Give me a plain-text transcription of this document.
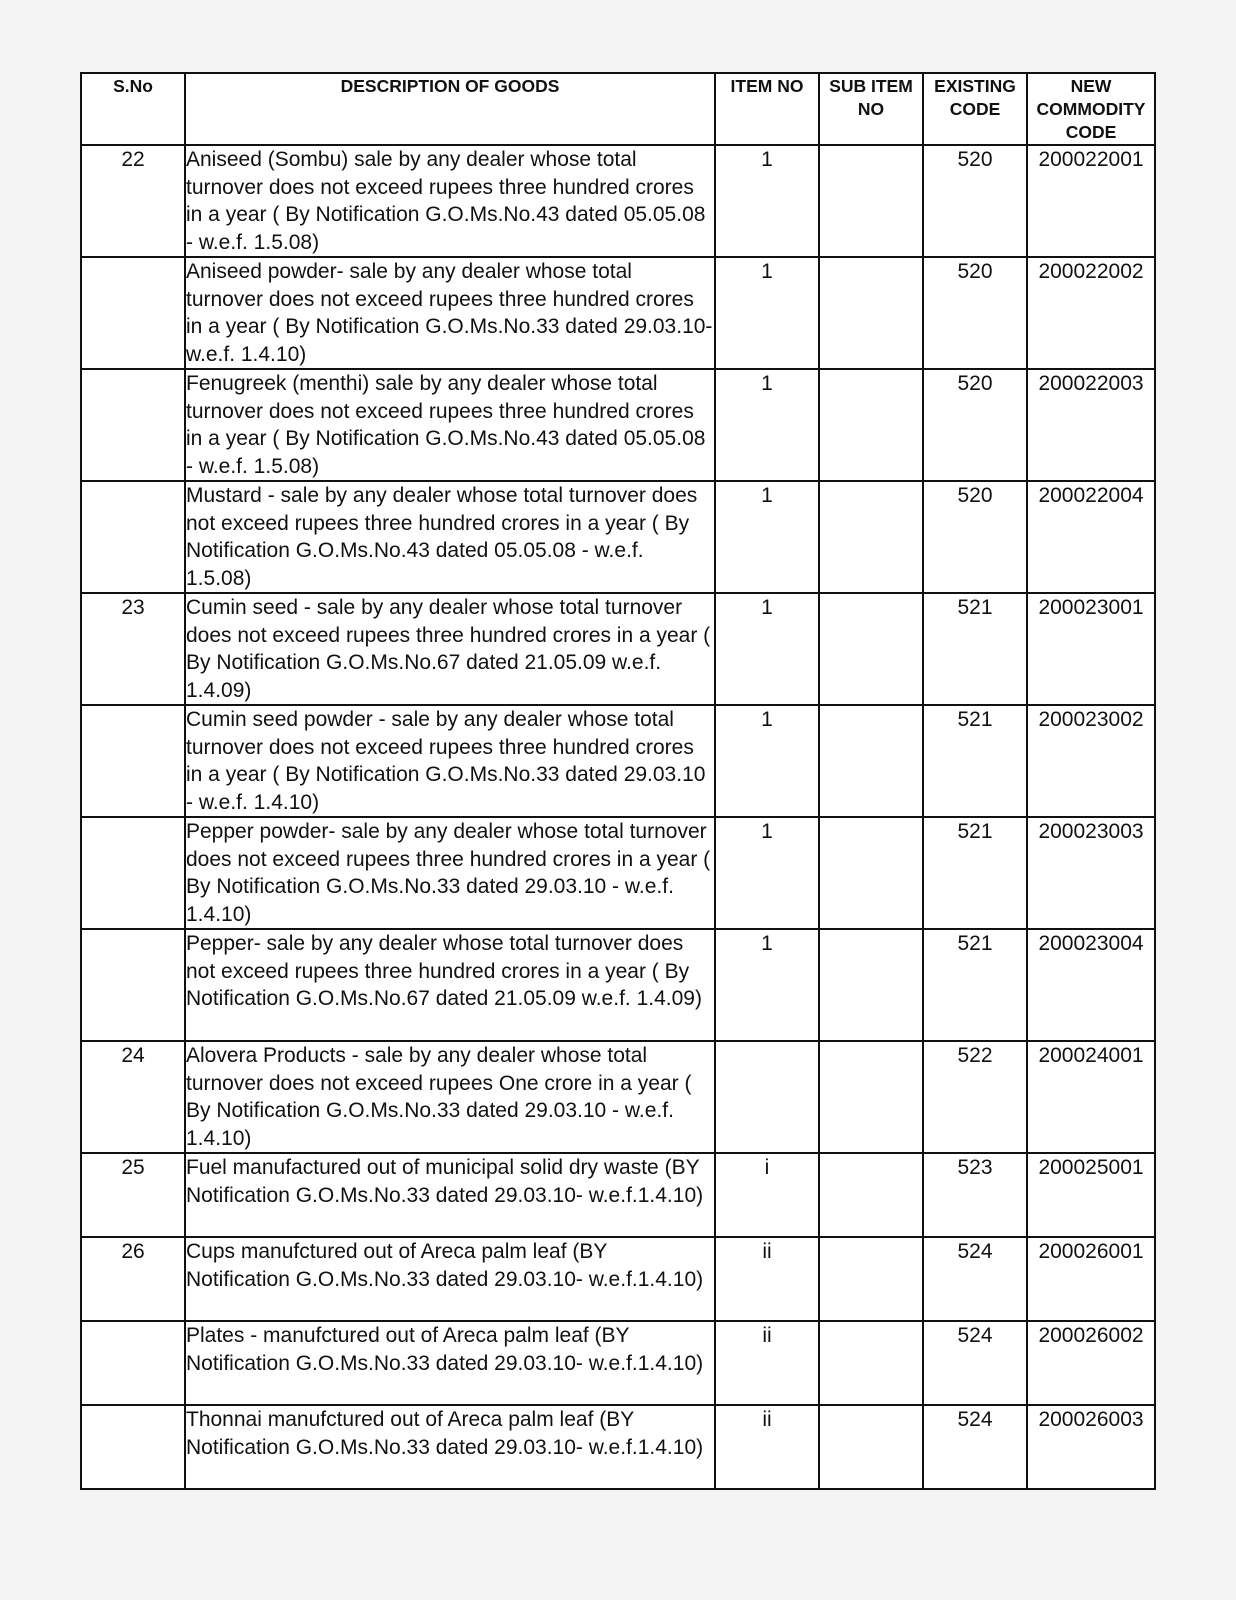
S.No	DESCRIPTION OF GOODS	ITEM NO	SUB ITEM NO	EXISTING CODE	NEW COMMODITY CODE
22	Aniseed (Sombu) sale by any dealer whose total turnover does not exceed rupees three hundred crores in a year ( By Notification G.O.Ms.No.43 dated 05.05.08 - w.e.f. 1.5.08)	1		520	200022001
	Aniseed powder- sale by any dealer whose total turnover does not exceed rupees three hundred crores in a year ( By Notification G.O.Ms.No.33 dated 29.03.10- w.e.f. 1.4.10)	1		520	200022002
	Fenugreek (menthi) sale by any dealer whose total turnover does not exceed rupees three hundred crores in a year ( By Notification G.O.Ms.No.43 dated 05.05.08 - w.e.f. 1.5.08)	1		520	200022003
	Mustard - sale by any dealer whose total turnover does not exceed rupees three hundred crores in a year ( By Notification G.O.Ms.No.43 dated 05.05.08 - w.e.f. 1.5.08)	1		520	200022004
23	Cumin seed - sale by any dealer whose total turnover does not exceed rupees three hundred crores in a year ( By Notification G.O.Ms.No.67 dated 21.05.09 w.e.f. 1.4.09)	1		521	200023001
	Cumin seed powder - sale by any dealer whose total turnover does not exceed rupees three hundred crores in a year ( By Notification G.O.Ms.No.33 dated 29.03.10 - w.e.f. 1.4.10)	1		521	200023002
	Pepper powder- sale by any dealer whose total turnover does not exceed rupees three hundred crores in a year ( By Notification G.O.Ms.No.33 dated 29.03.10 - w.e.f. 1.4.10)	1		521	200023003
	Pepper- sale by any dealer whose total turnover does not exceed rupees three hundred crores in a year ( By Notification G.O.Ms.No.67 dated 21.05.09 w.e.f. 1.4.09)	1		521	200023004
24	Alovera Products - sale by any dealer whose total turnover does not exceed rupees One crore in a year ( By Notification G.O.Ms.No.33 dated 29.03.10 - w.e.f. 1.4.10)			522	200024001
25	Fuel manufactured out of municipal solid dry waste (BY Notification G.O.Ms.No.33 dated 29.03.10- w.e.f.1.4.10)	i		523	200025001
26	Cups manufctured out of Areca palm leaf (BY Notification G.O.Ms.No.33 dated 29.03.10- w.e.f.1.4.10)	ii		524	200026001
	Plates - manufctured out of Areca palm leaf (BY Notification G.O.Ms.No.33 dated 29.03.10- w.e.f.1.4.10)	ii		524	200026002
	Thonnai manufctured out of Areca palm leaf (BY Notification G.O.Ms.No.33 dated 29.03.10- w.e.f.1.4.10)	ii		524	200026003
